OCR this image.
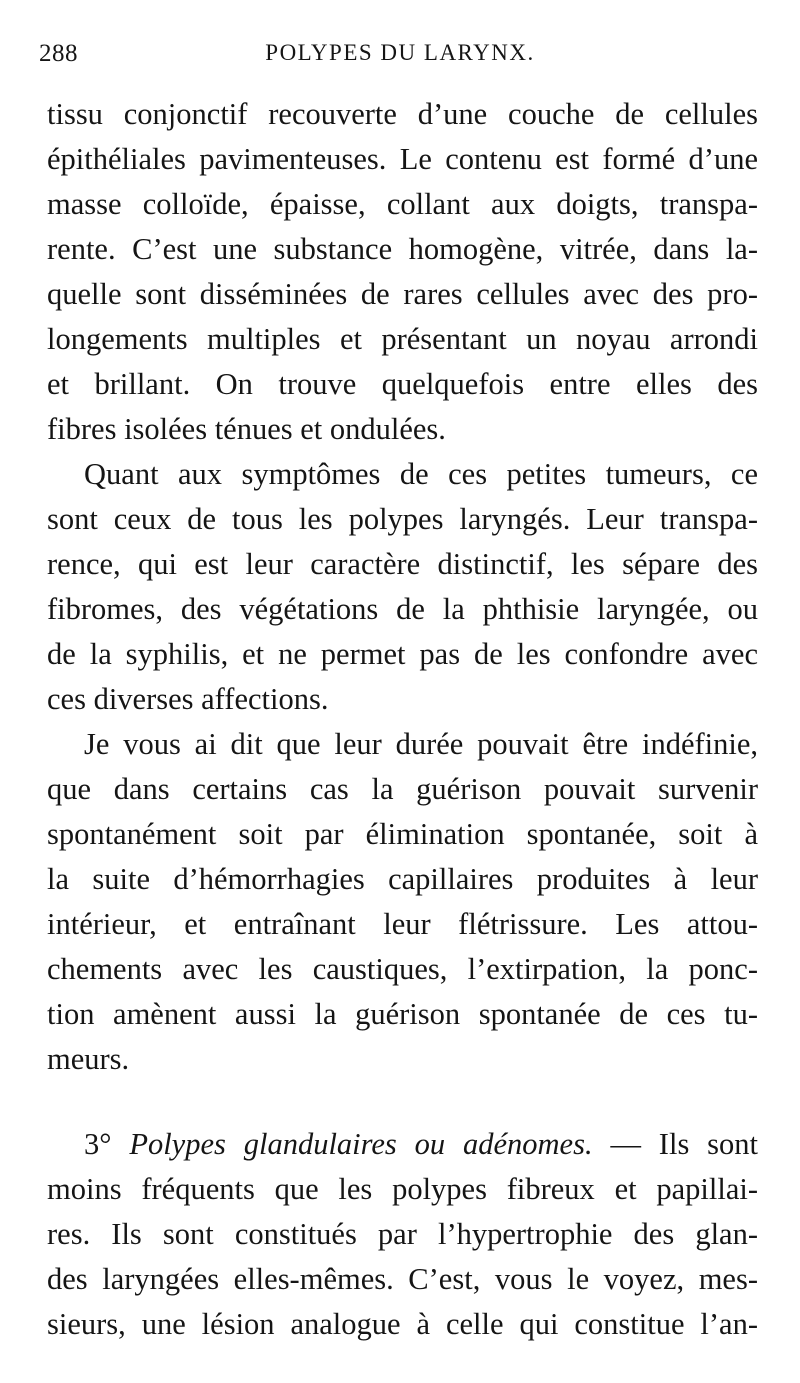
288	POLYPES DU LARYNX.
tissu conjonctif recouverte d’une couche de cellules
épithéliales pavimenteuses. Le contenu est formé d’une
masse colloïde, épaisse, collant aux doigts, transpa-
rente. C’est une substance homogène, vitrée, dans la-
quelle sont disséminées de rares cellules avec des pro-
longements multiples et présentant un noyau arrondi
et brillant. On trouve quelquefois entre elles des
fibres isolées ténues et ondulées.
Quant aux symptômes de ces petites tumeurs, ce
sont ceux de tous les polypes laryngés. Leur transpa-
rence, qui est leur caractère distinctif, les sépare des
fibromes, des végétations de la phthisie laryngée, ou
de la syphilis, et ne permet pas de les confondre avec
ces diverses affections.
Je vous ai dit que leur durée pouvait être indéfinie,
que dans certains cas la guérison pouvait survenir
spontanément soit par élimination spontanée, soit à
la suite d’hémorrhagies capillaires produites à leur
intérieur, et entraînant leur flétrissure. Les attou-
chements avec les caustiques, l’extirpation, la ponc-
tion amènent aussi la guérison spontanée de ces tu-
meurs.
3° Polypes glandulaires ou adénomes. — Ils sont
moins fréquents que les polypes fibreux et papillai-
res. Ils sont constitués par l’hypertrophie des glan-
des laryngées elles-mêmes. C’est, vous le voyez, mes-
sieurs, une lésion analogue à celle qui constitue l’an-
